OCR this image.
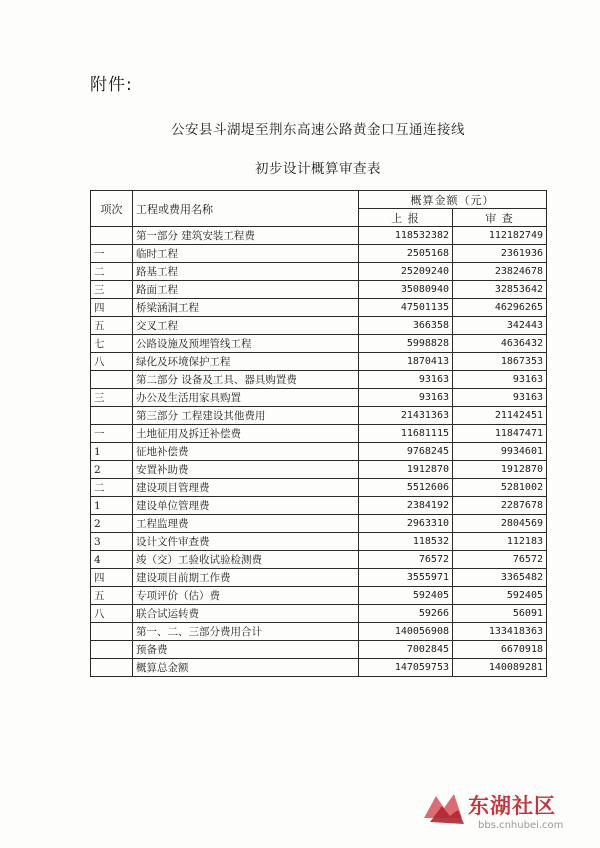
附件:
公安县斗湖堤至荆东高速公路黄金口互通连接线
初步设计概算审查表
项次	工程或费用名称	概算金额（元）	
		上 报	审 查
	第一部分 建筑安装工程费	118532382	112182749
一	临时工程	2505168	2361936
二	路基工程	25209240	23824678
三	路面工程	35080940	32853642
四	桥梁涵洞工程	47501135	46296265
五	交叉工程	366358	342443
七	公路设施及预埋管线工程	5998828	4636432
八	绿化及环境保护工程	1870413	1867353
	第二部分 设备及工具、器具购置费	93163	93163
三	办公及生活用家具购置	93163	93163
	第三部分 工程建设其他费用	21431363	21142451
一	土地征用及拆迁补偿费	11681115	11847471
1	征地补偿费	9768245	9934601
2	安置补助费	1912870	1912870
二	建设项目管理费	5512606	5281002
1	建设单位管理费	2384192	2287678
2	工程监理费	2963310	2804569
3	设计文件审查费	118532	112183
4	竣（交）工验收试验检测费	76572	76572
四	建设项目前期工作费	3555971	3365482
五	专项评价（估）费	592405	592405
八	联合试运转费	59266	56091
	第一、二、三部分费用合计	140056908	133418363
	预备费	7002845	6670918
	概算总金额	147059753	140089281
东湖社区
bbs.cnhubei.com
